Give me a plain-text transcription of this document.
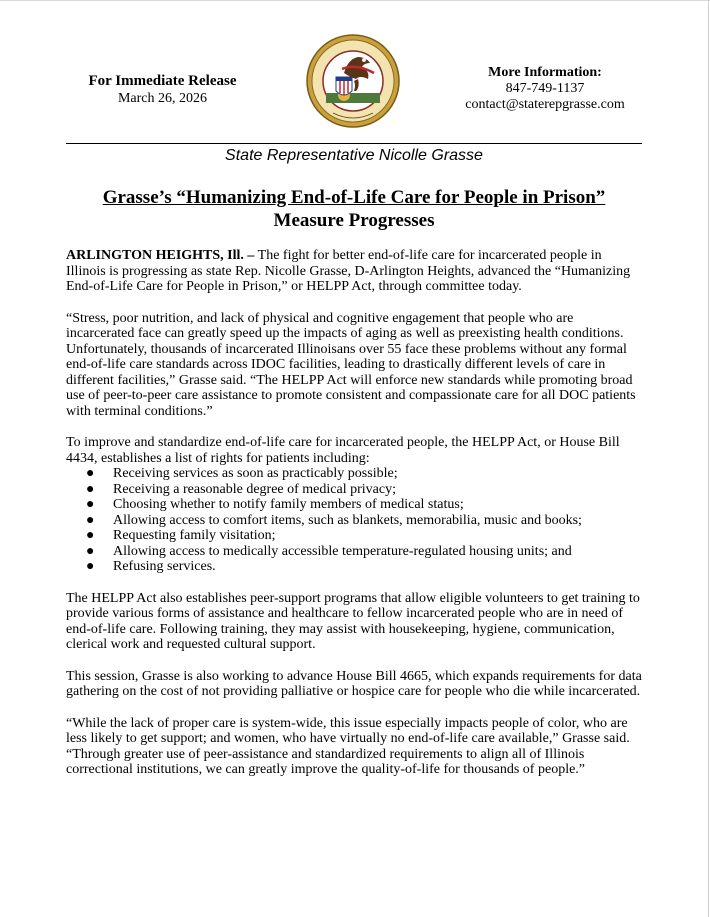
For Immediate Release
March 26, 2026
More Information:
847-749-1137
contact@staterepgrasse.com
State Representative Nicolle Grasse
Grasse’s “Humanizing End-of-Life Care for People in Prison”
Measure Progresses

ARLINGTON HEIGHTS, Ill. – The fight for better end-of-life care for incarcerated people in Illinois is progressing as state Rep. Nicolle Grasse, D-Arlington Heights, advanced the “Humanizing End-of-Life Care for People in Prison,” or HELPP Act, through committee today.

“Stress, poor nutrition, and lack of physical and cognitive engagement that people who are incarcerated face can greatly speed up the impacts of aging as well as preexisting health conditions. Unfortunately, thousands of incarcerated Illinoisans over 55 face these problems without any formal end-of-life care standards across IDOC facilities, leading to drastically different levels of care in different facilities,” Grasse said. “The HELPP Act will enforce new standards while promoting broad use of peer-to-peer care assistance to promote consistent and compassionate care for all DOC patients with terminal conditions.”

To improve and standardize end-of-life care for incarcerated people, the HELPP Act, or House Bill 4434, establishes a list of rights for patients including:

● Receiving services as soon as practicably possible;
● Receiving a reasonable degree of medical privacy;
● Choosing whether to notify family members of medical status;
● Allowing access to comfort items, such as blankets, memorabilia, music and books;
● Requesting family visitation;
● Allowing access to medically accessible temperature-regulated housing units; and
● Refusing services.

The HELPP Act also establishes peer-support programs that allow eligible volunteers to get training to provide various forms of assistance and healthcare to fellow incarcerated people who are in need of end-of-life care. Following training, they may assist with housekeeping, hygiene, communication, clerical work and requested cultural support.

This session, Grasse is also working to advance House Bill 4665, which expands requirements for data gathering on the cost of not providing palliative or hospice care for people who die while incarcerated.

“While the lack of proper care is system-wide, this issue especially impacts people of color, who are less likely to get support; and women, who have virtually no end-of-life care available,” Grasse said. “Through greater use of peer-assistance and standardized requirements to align all of Illinois correctional institutions, we can greatly improve the quality-of-life for thousands of people.”
